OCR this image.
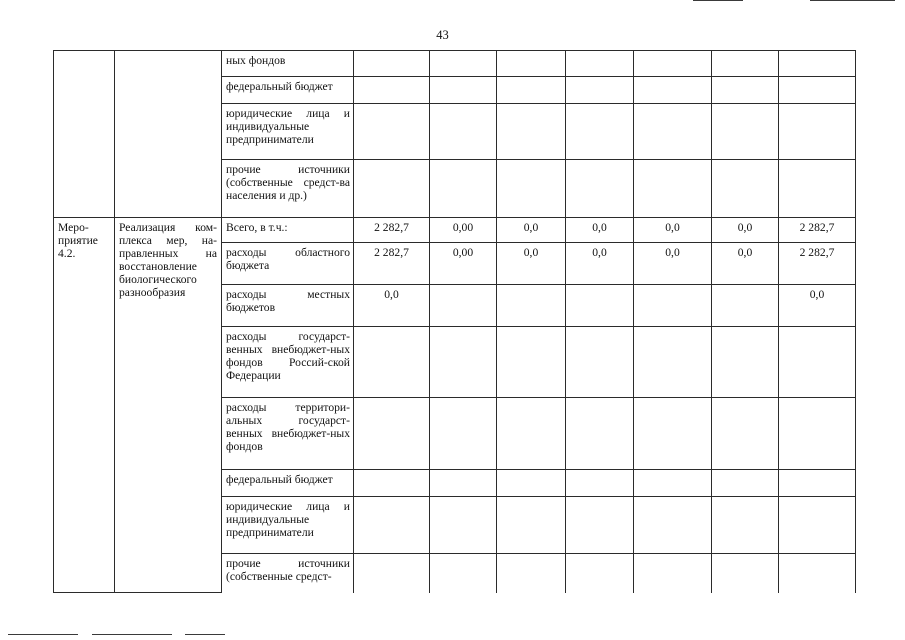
43
		ных фондов							
		федеральный бюджет							
		юридические лица и индивидуальные предприниматели							
		прочие источники (собственные средст-ва населения и др.)							
Меро-приятие 4.2.	Реализация ком-плекса мер, на-правленных на восстановление биологического разнообразия	Всего, в т.ч.:	2 282,7	0,00	0,0	0,0	0,0	0,0	2 282,7
		расходы областного бюджета	2 282,7	0,00	0,0	0,0	0,0	0,0	2 282,7
		расходы местных бюджетов	0,0						0,0
		расходы государст-венных внебюджет-ных фондов Россий-ской Федерации							
		расходы территори-альных государст-венных внебюджет-ных фондов							
		федеральный бюджет							
		юридические лица и индивидуальные предприниматели							
		прочие источники (собственные средст-							
